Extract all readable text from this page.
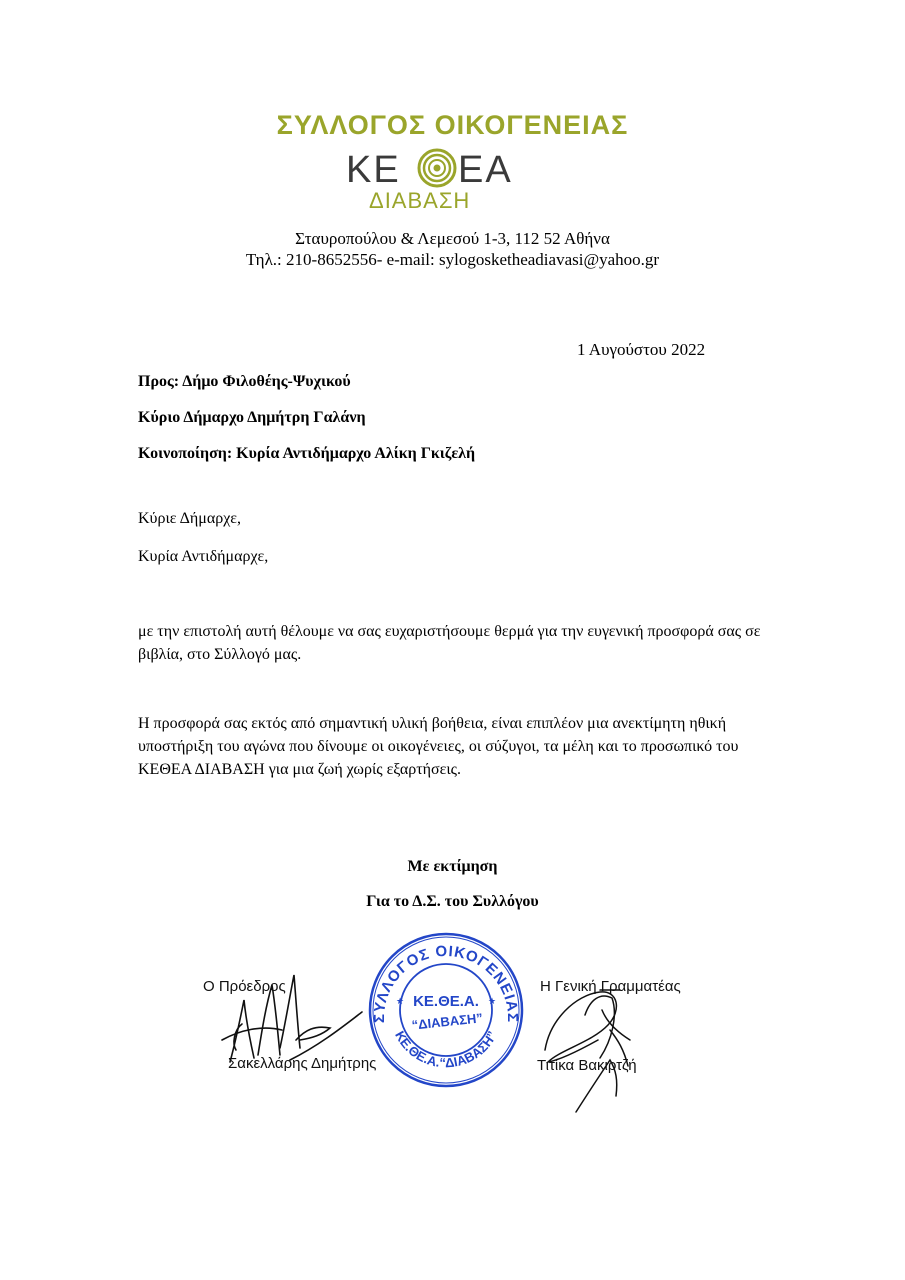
ΣΥΛΛΟΓΟΣ ΟΙΚΟΓΕΝΕΙΑΣ
ΚΕ ΕΑ
ΔΙΑΒΑΣΗ
Σταυροπούλου & Λεμεσού 1-3, 112 52 Αθήνα
Τηλ.: 210-8652556- e-mail: sylogosketheadiavasi@yahoo.gr
1 Αυγούστου 2022
Προς: Δήμο Φιλοθέης-Ψυχικού
Κύριο Δήμαρχο Δημήτρη Γαλάνη
Κοινοποίηση: Κυρία Αντιδήμαρχο Αλίκη Γκιζελή
Κύριε Δήμαρχε,
Κυρία Αντιδήμαρχε,
με την επιστολή αυτή θέλουμε να σας ευχαριστήσουμε θερμά για την ευγενική προσφορά σας σε βιβλία, στο Σύλλογό μας.
Η προσφορά σας εκτός από σημαντική υλική βοήθεια, είναι επιπλέον μια ανεκτίμητη ηθική υποστήριξη του αγώνα που δίνουμε οι οικογένειες, οι σύζυγοι, τα μέλη και το προσωπικό του ΚΕΘΕΑ ΔΙΑΒΑΣΗ για μια ζωή χωρίς εξαρτήσεις.
Με εκτίμηση
Για το Δ.Σ. του Συλλόγου
Ο Πρόεδρος
Σακελλάρης Δημήτρης
Η Γενική Γραμματέας
Τιτίκα Βακιρτζή
ΣΥΛΛΟΓΟΣ ΟΙΚΟΓΕΝΕΙΑΣ
ΚΕ.ΘΕ.Α.“ΔΙΑΒΑΣΗ”
★	★
ΚΕ.ΘΕ.Α.
“ΔΙΑΒΑΣΗ”
